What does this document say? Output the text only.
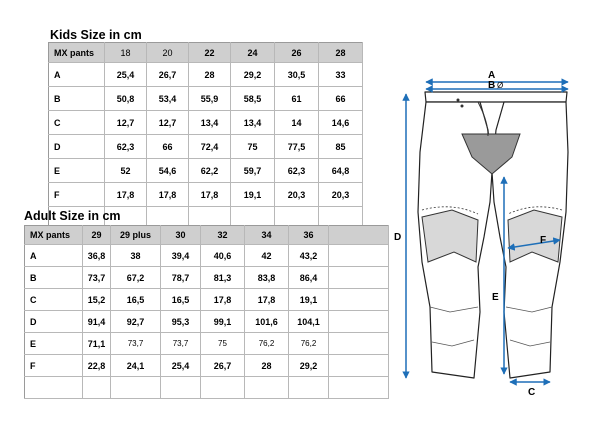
Kids Size in cm
MX pants	18	20	22	24	26	28
A	25,4	26,7	28	29,2	30,5	33
B	50,8	53,4	55,9	58,5	61	66
C	12,7	12,7	13,4	13,4	14	14,6
D	62,3	66	72,4	75	77,5	85
E	52	54,6	62,2	59,7	62,3	64,8
F	17,8	17,8	17,8	19,1	20,3	20,3

Adult Size in cm
MX pants	29	29 plus	30	32	34	36	
A	36,8	38	39,4	40,6	42	43,2	
B	73,7	67,2	78,7	81,3	83,8	86,4	
C	15,2	16,5	16,5	17,8	17,8	19,1	
D	91,4	92,7	95,3	99,1	101,6	104,1	
E	71,1	73,7	73,7	75	76,2	76,2	
F	22,8	24,1	25,4	26,7	28	29,2	

A
B Ø
D
E
F
C
